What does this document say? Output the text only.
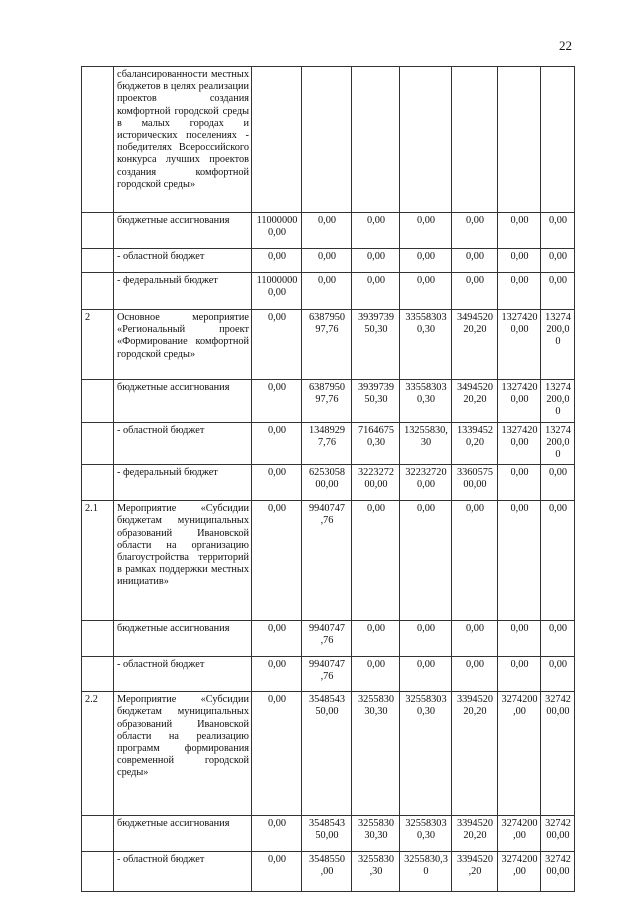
22
	сбалансированности местных бюджетов в целях реализации проектов создания комфортной городской среды в малых городах и исторических поселениях - победителях Всероссийского конкурса лучших проектов создания комфортной городской среды»							
	бюджетные ассигнования	11000000 0,00	0,00	0,00	0,00	0,00	0,00	0,00
	- областной бюджет	0,00	0,00	0,00	0,00	0,00	0,00	0,00
	- федеральный бюджет	11000000 0,00	0,00	0,00	0,00	0,00	0,00	0,00
2	Основное мероприятие «Региональный проект «Формирование комфортной городской среды»	0,00	6387950 97,76	3939739 50,30	33558303 0,30	3494520 20,20	1327420 0,00	13274 200,00
	бюджетные ассигнования	0,00	6387950 97,76	3939739 50,30	33558303 0,30	3494520 20,20	1327420 0,00	13274 200,00
	- областной бюджет	0,00	1348929 7,76	7164675 0,30	13255830, 30	1339452 0,20	1327420 0,00	13274 200,00
	- федеральный бюджет	0,00	6253058 00,00	3223272 00,00	32232720 0,00	3360575 00,00	0,00	0,00
2.1	Мероприятие «Субсидии бюджетам муниципальных образований Ивановской области на организацию благоустройства территорий в рамках поддержки местных инициатив»	0,00	9940747 ,76	0,00	0,00	0,00	0,00	0,00
	бюджетные ассигнования	0,00	9940747 ,76	0,00	0,00	0,00	0,00	0,00
	- областной бюджет	0,00	9940747 ,76	0,00	0,00	0,00	0,00	0,00
2.2	Мероприятие «Субсидии бюджетам муниципальных образований Ивановской области на реализацию программ формирования современной городской среды»	0,00	3548543 50,00	3255830 30,30	32558303 0,30	3394520 20,20	3274200 ,00	32742 00,00
	бюджетные ассигнования	0,00	3548543 50,00	3255830 30,30	32558303 0,30	3394520 20,20	3274200 ,00	32742 00,00
	- областной бюджет	0,00	3548550 ,00	3255830 ,30	3255830,3 0	3394520 ,20	3274200 ,00	32742 00,00
